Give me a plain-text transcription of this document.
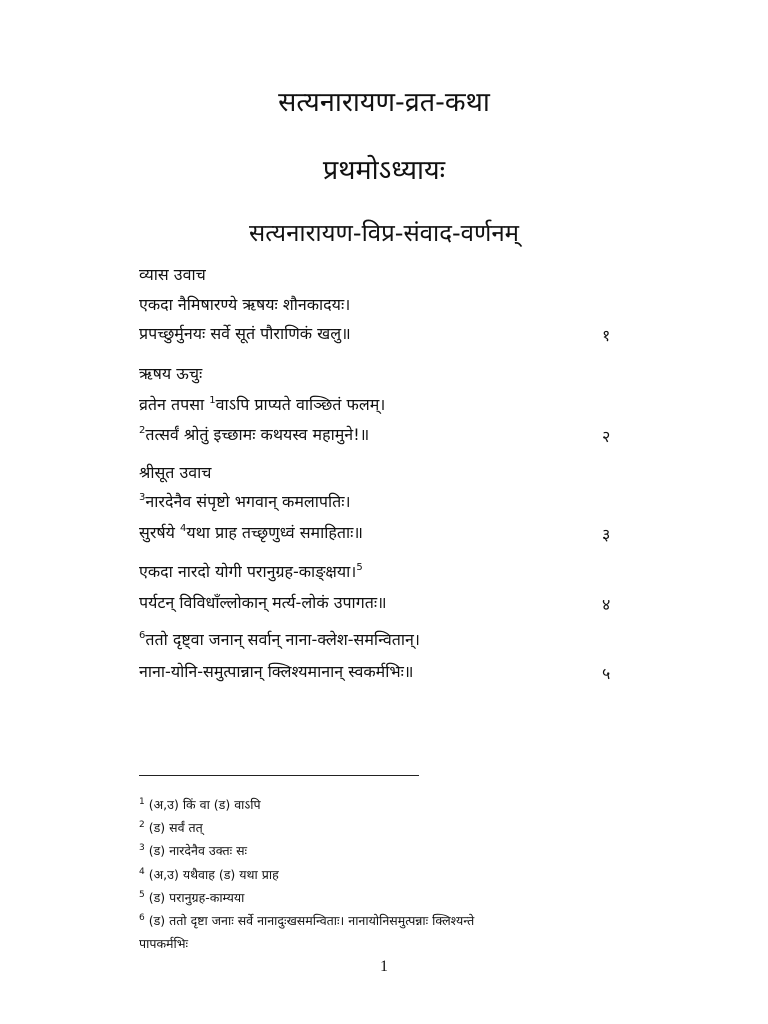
सत्यनारायण-व्रत-कथा
प्रथमोऽध्यायः
सत्यनारायण-विप्र-संवाद-वर्णनम्

व्यास उवाच

एकदा नैमिषारण्ये ऋषयः शौनकादयः।

प्रपच्छुर्मुनयः सर्वे सूतं पौराणिकं खलु॥	१

ऋषय ऊचुः

व्रतेन तपसा $^1$वाऽपि प्राप्यते वाञ्छितं फलम्।

$^2$तत्सर्वं श्रोतुं इच्छामः कथयस्व महामुने!॥	२

श्रीसूत उवाच

$^3$नारदेनैव संपृष्टो भगवान् कमलापतिः।

सुरर्षये $^4$यथा प्राह तच्छृणुध्वं समाहिताः॥	३

एकदा नारदो योगी परानुग्रह-काङ्क्षया।$^5$

पर्यटन् विविधाँल्लोकान् मर्त्य-लोकं उपागतः॥	४

$^6$ततो दृष्ट्वा जनान् सर्वान् नाना-क्लेश-समन्वितान्।

नाना-योनि-समुत्पान्नान् क्लिश्यमानान् स्वकर्मभिः॥	५

$^1$ (अ,उ) किं वा (ड) वाऽपि

$^2$ (ड) सर्वं तत्

$^3$ (ड) नारदेनैव उक्तः सः

$^4$ (अ,उ) यथैवाह (ड) यथा प्राह

$^5$ (ड) परानुग्रह-काम्यया

$^6$ (ड) ततो दृष्टा जनाः सर्वे नानादुःखसमन्विताः। नानायोनिसमुत्पन्नाः क्लिश्यन्ते

पापकर्मभिः

1
